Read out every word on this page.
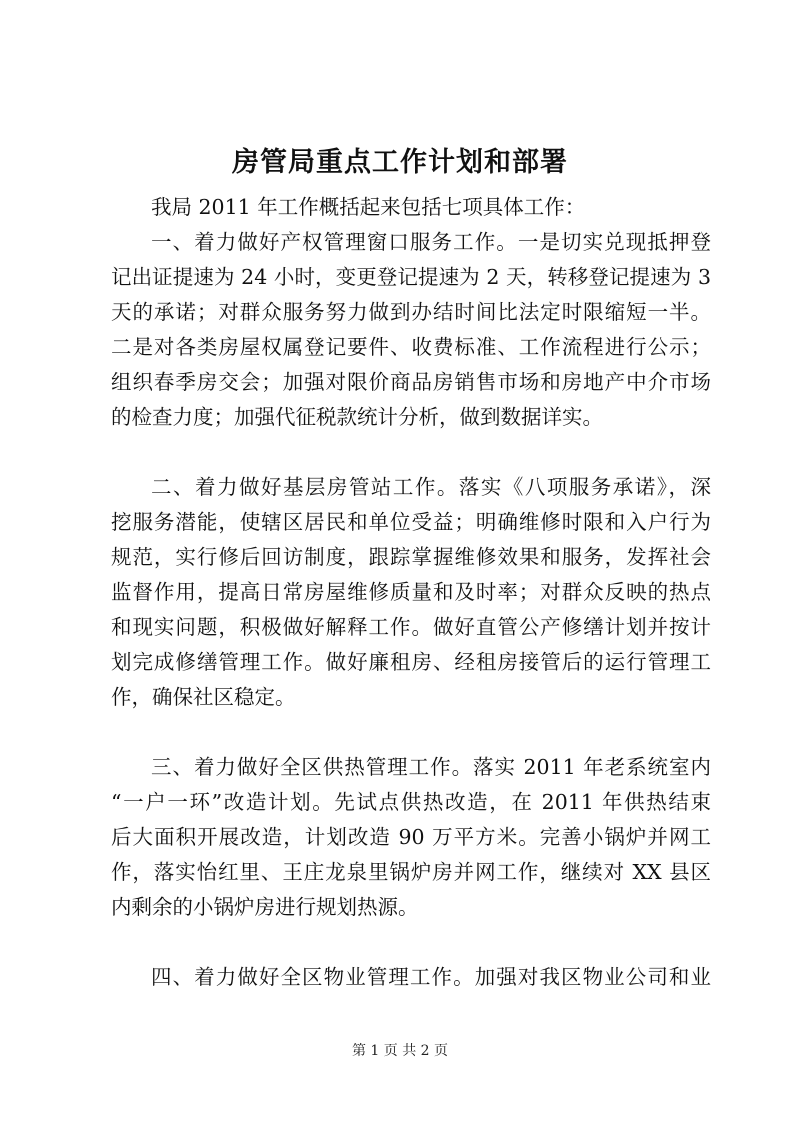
房管局重点工作计划和部署
我局 2011 年工作概括起来包括七项具体工作：
一、着力做好产权管理窗口服务工作。一是切实兑现抵押登
记出证提速为 24 小时，变更登记提速为 2 天，转移登记提速为 3
天的承诺；对群众服务努力做到办结时间比法定时限缩短一半。
二是对各类房屋权属登记要件、收费标准、工作流程进行公示；
组织春季房交会；加强对限价商品房销售市场和房地产中介市场
的检查力度；加强代征税款统计分析，做到数据详实。
二、着力做好基层房管站工作。落实《八项服务承诺》，深
挖服务潜能，使辖区居民和单位受益；明确维修时限和入户行为
规范，实行修后回访制度，跟踪掌握维修效果和服务，发挥社会
监督作用，提高日常房屋维修质量和及时率；对群众反映的热点
和现实问题，积极做好解释工作。做好直管公产修缮计划并按计
划完成修缮管理工作。做好廉租房、经租房接管后的运行管理工
作，确保社区稳定。
三、着力做好全区供热管理工作。落实 2011 年老系统室内
“一户一环”改造计划。先试点供热改造，在 2011 年供热结束
后大面积开展改造，计划改造 90 万平方米。完善小锅炉并网工
作，落实怡红里、王庄龙泉里锅炉房并网工作，继续对 XX 县区
内剩余的小锅炉房进行规划热源。
四、着力做好全区物业管理工作。加强对我区物业公司和业
第 1 页 共 2 页
